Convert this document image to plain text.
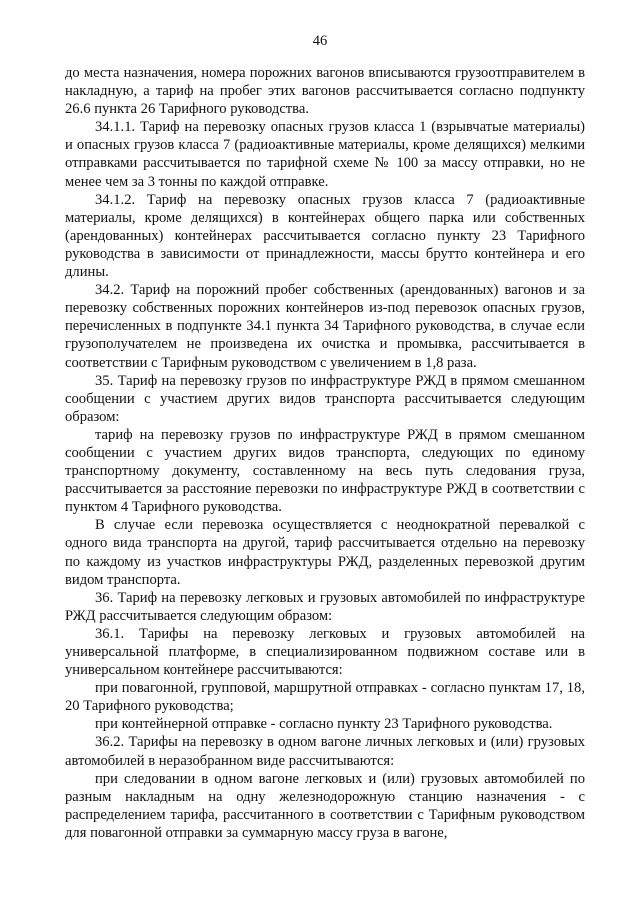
46

до места назначения, номера порожних вагонов вписываются грузоотправителем в накладную, а тариф на пробег этих вагонов рассчитывается согласно подпункту 26.6 пункта 26 Тарифного руководства.

34.1.1. Тариф на перевозку опасных грузов класса 1 (взрывчатые материалы) и опасных грузов класса 7 (радиоактивные материалы, кроме делящихся) мелкими отправками рассчитывается по тарифной схеме № 100 за массу отправки, но не менее чем за 3 тонны по каждой отправке.

34.1.2. Тариф на перевозку опасных грузов класса 7 (радиоактивные материалы, кроме делящихся) в контейнерах общего парка или собственных (арендованных) контейнерах рассчитывается согласно пункту 23 Тарифного руководства в зависимости от принадлежности, массы брутто контейнера и его длины.

34.2. Тариф на порожний пробег собственных (арендованных) вагонов и за перевозку собственных порожних контейнеров из-под перевозок опасных грузов, перечисленных в подпункте 34.1 пункта 34 Тарифного руководства, в случае если грузополучателем не произведена их очистка и промывка, рассчитывается в соответствии с Тарифным руководством с увеличением в 1,8 раза.

35. Тариф на перевозку грузов по инфраструктуре РЖД в прямом смешанном сообщении с участием других видов транспорта рассчитывается следующим образом:

тариф на перевозку грузов по инфраструктуре РЖД в прямом смешанном сообщении с участием других видов транспорта, следующих по единому транспортному документу, составленному на весь путь следования груза, рассчитывается за расстояние перевозки по инфраструктуре РЖД в соответствии с пунктом 4 Тарифного руководства.

В случае если перевозка осуществляется с неоднократной перевалкой с одного вида транспорта на другой, тариф рассчитывается отдельно на перевозку по каждому из участков инфраструктуры РЖД, разделенных перевозкой другим видом транспорта.

36. Тариф на перевозку легковых и грузовых автомобилей по инфраструктуре РЖД рассчитывается следующим образом:

36.1. Тарифы на перевозку легковых и грузовых автомобилей на универсальной платформе, в специализированном подвижном составе или в универсальном контейнере рассчитываются:

при повагонной, групповой, маршрутной отправках - согласно пунктам 17, 18, 20 Тарифного руководства;

при контейнерной отправке - согласно пункту 23 Тарифного руководства.

36.2. Тарифы на перевозку в одном вагоне личных легковых и (или) грузовых автомобилей в неразобранном виде рассчитываются:

при следовании в одном вагоне легковых и (или) грузовых автомобилей по разным накладным на одну железнодорожную станцию назначения - с распределением тарифа, рассчитанного в соответствии с Тарифным руководством для повагонной отправки за суммарную массу груза в вагоне,
